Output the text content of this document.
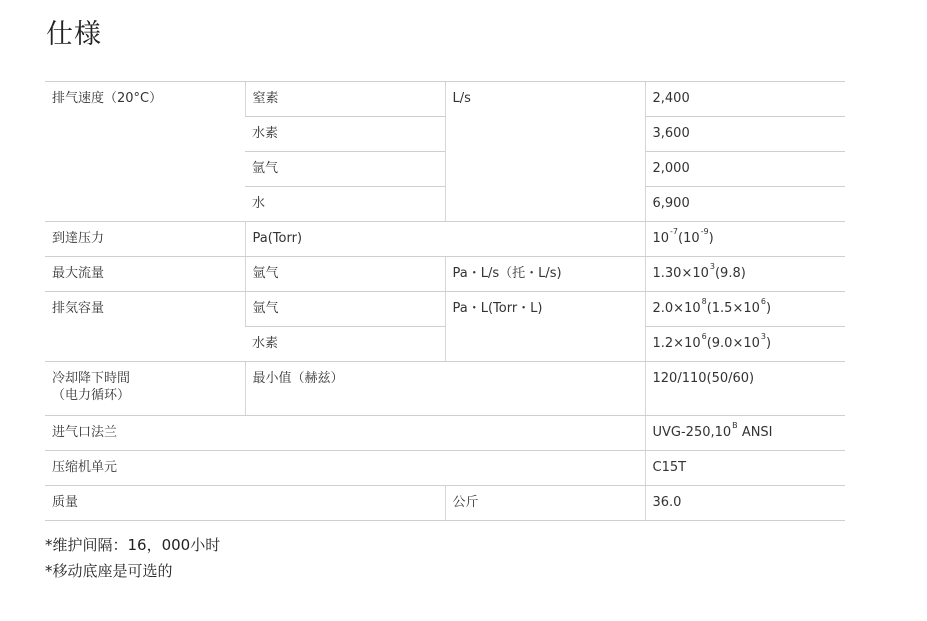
仕様
排气速度（20°C）	窒素	L/s	2,400
	水素		3,600
	氩气		2,000
	水		6,900
到達压力	Pa(Torr)		$10^{-7}(10^{-9})$
最大流量	氩气	Pa・L/s（托・L/s)	$1.30\times 10^3(9.8)$
排気容量	氩气	Pa・L(Torr・L)	$2.0\times 10^8(1.5\times 10^6)$
	水素		$1.2\times 10^6(9.0\times 10^3)$

冷却降下時間
（电力循环）	最小值（赫兹）		120/110(50/60)
进气口法兰			UVG-$250,10^B$ ANSI
压缩机单元			C15T
质量		公斤	36.0
*维护间隔：16，000小时
*移动底座是可选的
